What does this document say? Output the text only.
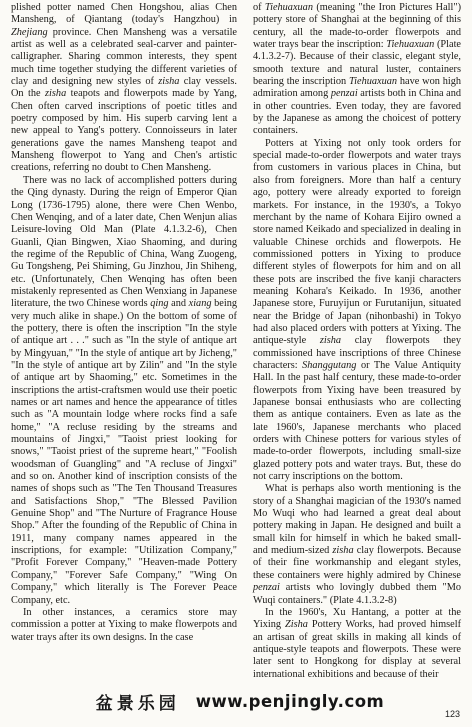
plished potter named Chen Hongshou, alias Chen Mansheng, of Qiantang (today's Hangzhou) in Zhejiang province. Chen Mansheng was a versatile artist as well as a celebrated seal-carver and painter-calligrapher. Sharing common interests, they spent much time together studying the different varieties of clay and designing new styles of zisha clay vessels. On the zisha teapots and flowerpots made by Yang, Chen often carved inscriptions of poetic titles and poetry composed by him. His superb carving lent a new appeal to Yang's pottery. Connoisseurs in later generations gave the names Mansheng teapot and Mansheng flowerpot to Yang and Chen's artistic creations, referring no doubt to Chen Mansheng.

There was no lack of accomplished potters during the Qing dynasty. During the reign of Emperor Qian Long (1736-1795) alone, there were Chen Wenbo, Chen Wenqing, and of a later date, Chen Wenjun alias Leisure-loving Old Man (Plate 4.1.3.2-6), Chen Guanli, Qian Bingwen, Xiao Shaoming, and during the regime of the Republic of China, Wang Zuogeng, Gu Tongsheng, Pei Shiming, Gu Jinzhou, Jin Shiheng, etc. (Unfortunately, Chen Wenqing has often been mistakenly represented as Chen Wenxiang in Japanese literature, the two Chinese words qing and xiang being very much alike in shape.) On the bottom of some of the pottery, there is often the inscription "In the style of antique art . . ." such as "In the style of antique art by Mingyuan," "In the style of antique art by Jicheng," "In the style of antique art by Zilin" and "In the style of antique art by Shaoming," etc. Sometimes in the inscriptions the artist-craftsmen would use their poetic names or art names and hence the appearance of titles such as "A mountain lodge where rocks find a safe home," "A recluse residing by the streams and mountains of Jingxi," "Taoist priest looking for snows," "Taoist priest of the supreme heart," "Foolish woodsman of Guangling" and "A recluse of Jingxi" and so on. Another kind of inscription consists of the names of shops such as "The Ten Thousand Treasures and Satisfactions Shop," "The Blessed Pavilion Genuine Shop" and "The Nurture of Fragrance House Shop." After the founding of the Republic of China in 1911, many company names appeared in the inscriptions, for example: "Utilization Company," "Profit Forever Company," "Heaven-made Pottery Company," "Forever Safe Company," "Wing On Company," which literally is The Forever Peace Company, etc.

In other instances, a ceramics store may commission a potter at Yixing to make flowerpots and water trays after its own designs. In the case

of Tiehuaxuan (meaning "the Iron Pictures Hall") pottery store of Shanghai at the beginning of this century, all the made-to-order flowerpots and water trays bear the inscription: Tiehuaxuan (Plate 4.1.3.2-7). Because of their classic, elegant style, smooth texture and natural luster, containers bearing the inscription Tiehuaxuan have won high admiration among penzai artists both in China and in other countries. Even today, they are favored by the Japanese as among the choicest of pottery containers.

Potters at Yixing not only took orders for special made-to-order flowerpots and water trays from customers in various places in China, but also from foreigners. More than half a century ago, pottery were already exported to foreign markets. For instance, in the 1930's, a Tokyo merchant by the name of Kohara Eijiro owned a store named Keikado and specialized in dealing in valuable Chinese orchids and flowerpots. He commissioned potters in Yixing to produce different styles of flowerpots for him and on all these pots are inscribed the five kanji characters meaning Kohara's Keikado. In 1936, another Japanese store, Furuyijun or Furutanijun, situated near the Bridge of Japan (nihonbashi) in Tokyo had also placed orders with potters at Yixing. The antique-style zisha clay flowerpots they commissioned have inscriptions of three Chinese characters: Shanggutang or The Value Antiquity Hall. In the past half century, these made-to-order flowerpots from Yixing have been treasured by Japanese bonsai enthusiasts who are collecting them as antique containers. Even as late as the late 1960's, Japanese merchants who placed orders with Chinese potters for various styles of made-to-order flowerpots, including small-size glazed pottery pots and water trays. But, these do not carry inscriptions on the bottom.

What is perhaps also worth mentioning is the story of a Shanghai magician of the 1930's named Mo Wuqi who had learned a great deal about pottery making in Japan. He designed and built a small kiln for himself in which he baked small- and medium-sized zisha clay flowerpots. Because of their fine workmanship and elegant styles, these containers were highly admired by Chinese penzai artists who lovingly dubbed them "Mo Wuqi containers." (Plate 4.1.3.2-8)

In the 1960's, Xu Hantang, a potter at the Yixing Zisha Pottery Works, had proved himself an artisan of great skills in making all kinds of antique-style teapots and flowerpots. These were later sent to Hongkong for display at several international exhibitions and because of their

盆景乐园 www.penjingly.com
123
